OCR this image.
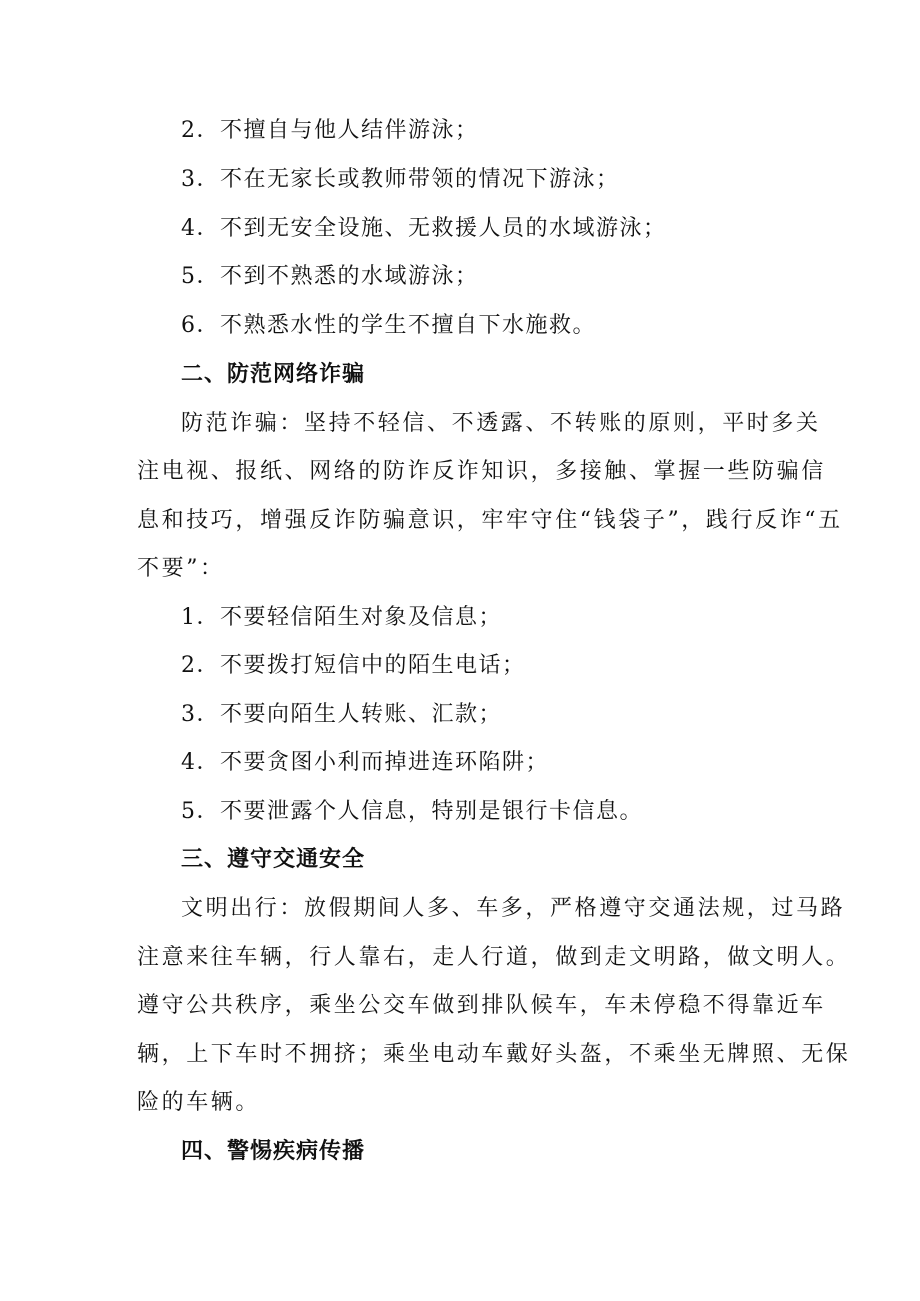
2．不擅自与他人结伴游泳；
3．不在无家长或教师带领的情况下游泳；
4．不到无安全设施、无救援人员的水域游泳；
5．不到不熟悉的水域游泳；
6．不熟悉水性的学生不擅自下水施救。
二、防范网络诈骗
防范诈骗：坚持不轻信、不透露、不转账的原则，平时多关
注电视、报纸、网络的防诈反诈知识，多接触、掌握一些防骗信
息和技巧，增强反诈防骗意识，牢牢守住“钱袋子”，践行反诈“五
不要”：
1．不要轻信陌生对象及信息；
2．不要拨打短信中的陌生电话；
3．不要向陌生人转账、汇款；
4．不要贪图小利而掉进连环陷阱；
5．不要泄露个人信息，特别是银行卡信息。
三、遵守交通安全
文明出行：放假期间人多、车多，严格遵守交通法规，过马路
注意来往车辆，行人靠右，走人行道，做到走文明路，做文明人。
遵守公共秩序，乘坐公交车做到排队候车，车未停稳不得靠近车
辆，上下车时不拥挤；乘坐电动车戴好头盔，不乘坐无牌照、无保
险的车辆。
四、警惕疾病传播
